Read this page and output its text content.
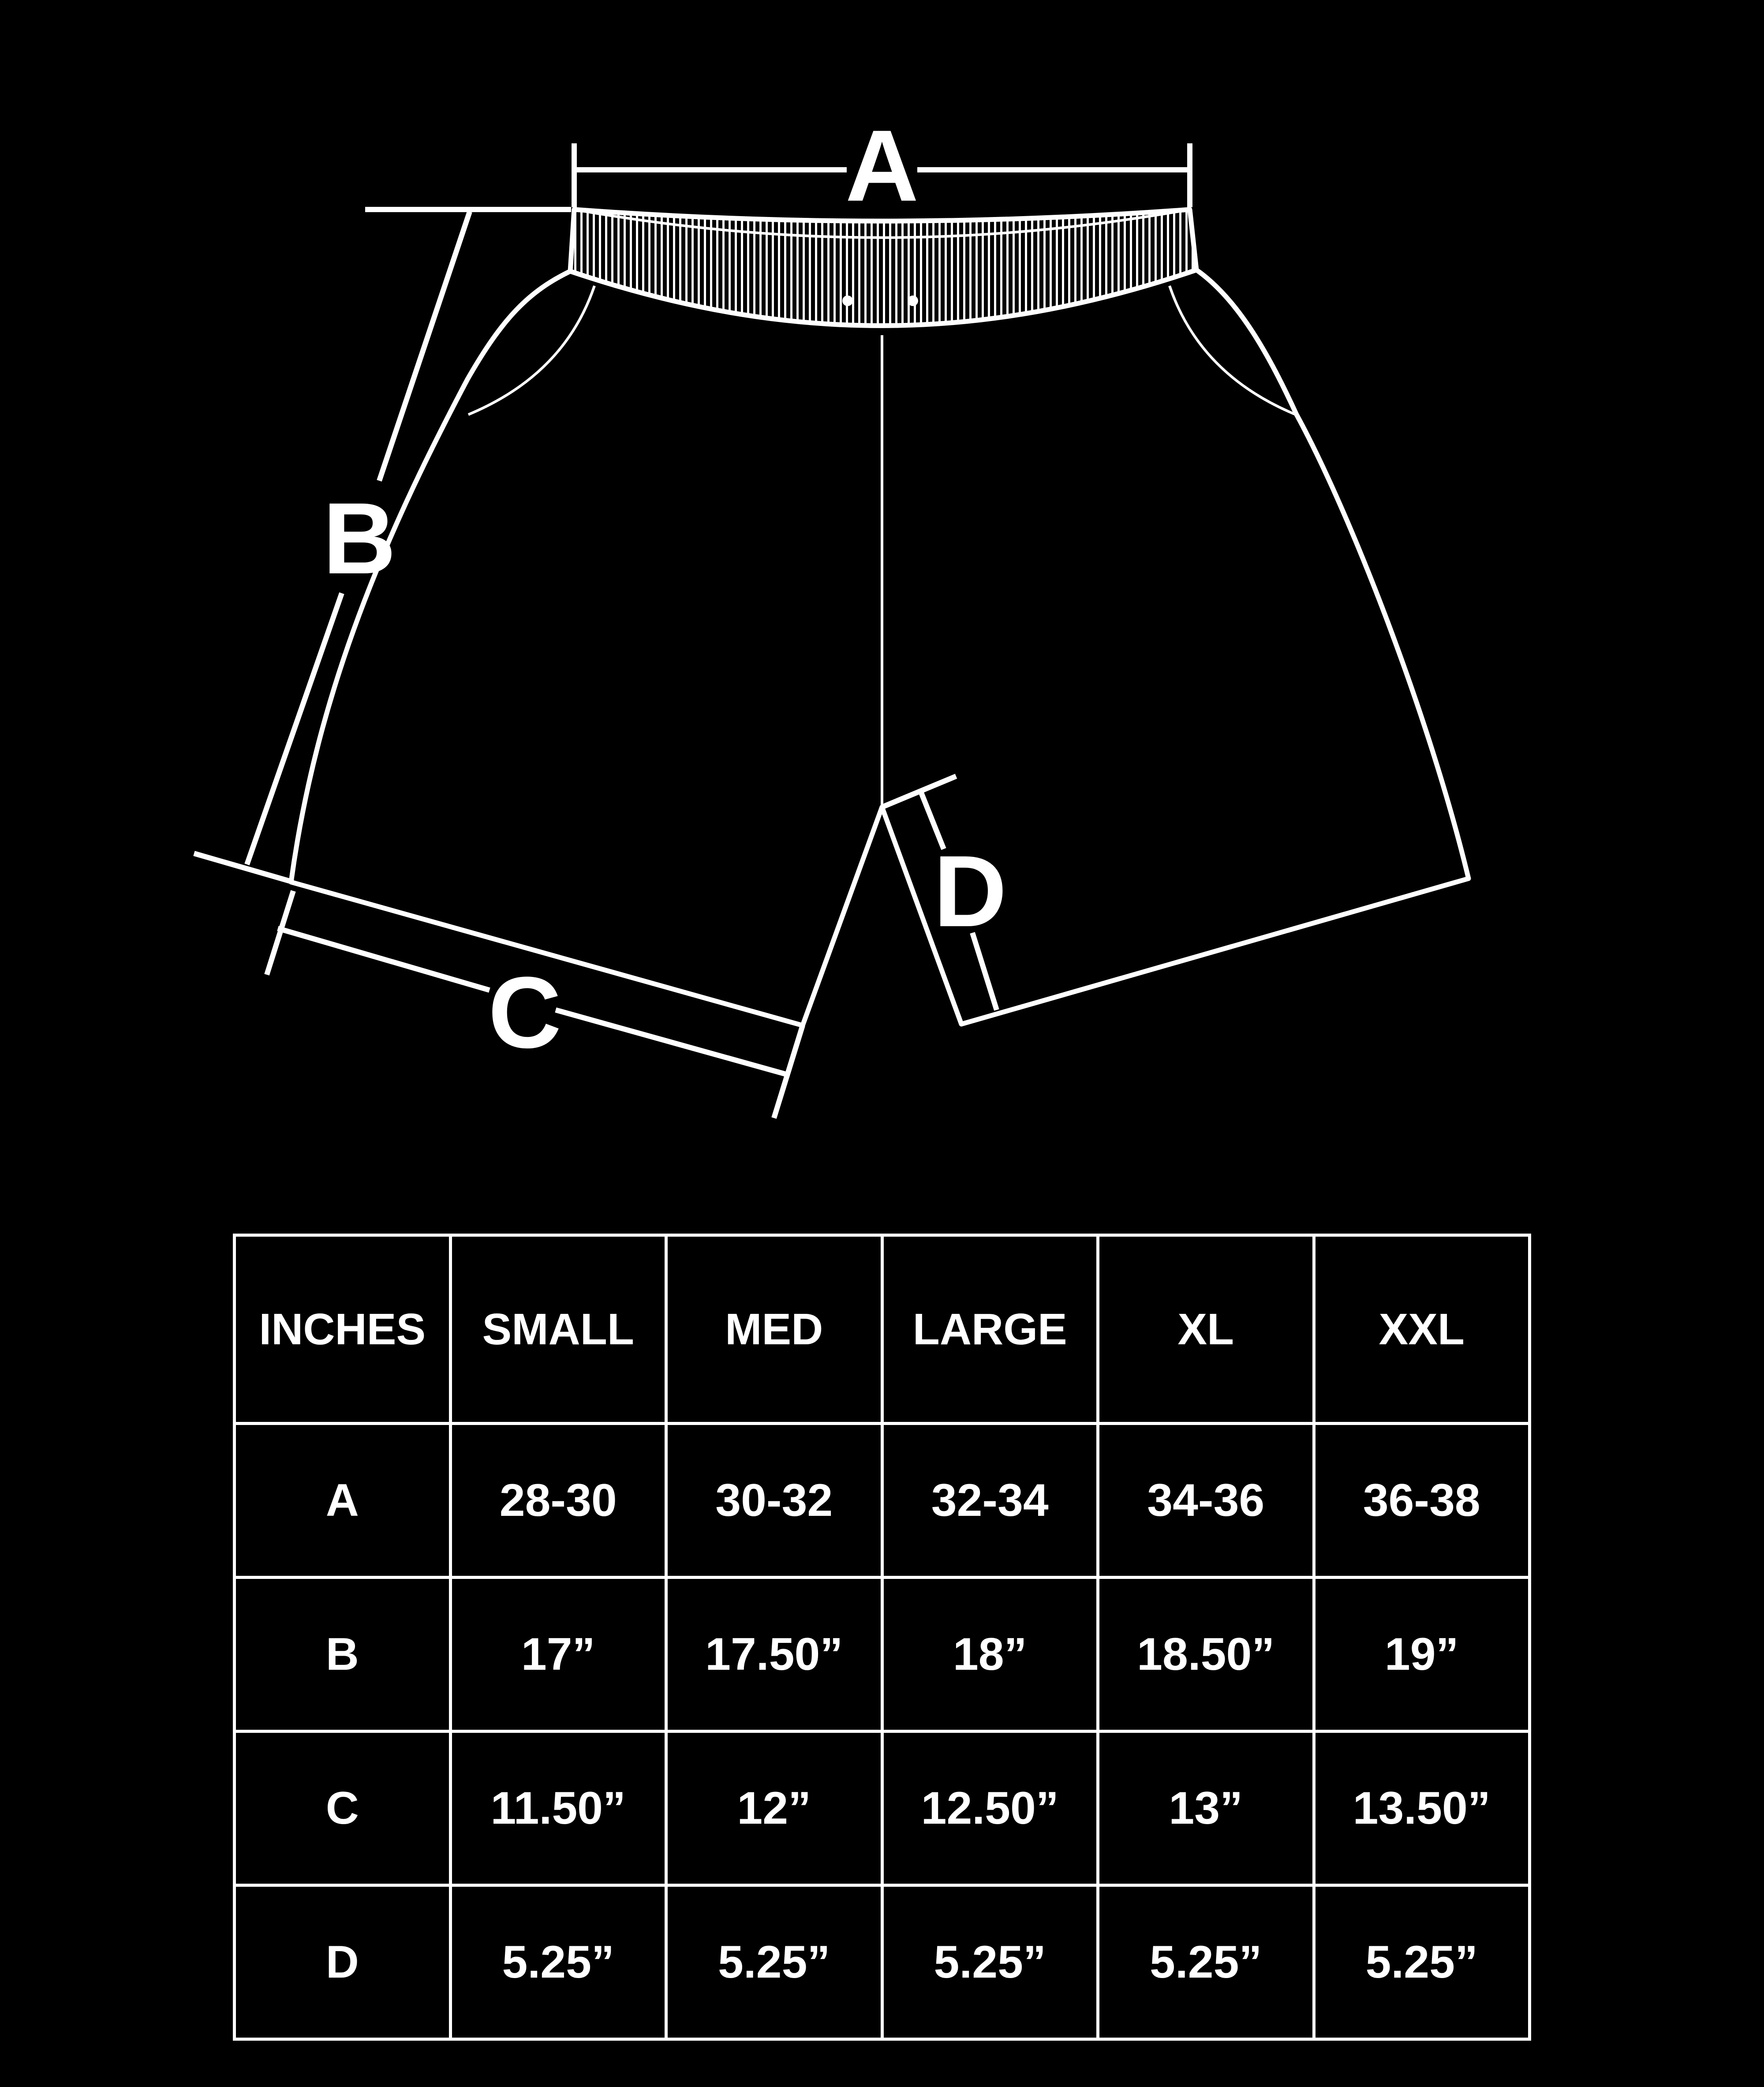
A
B
C
D
INCHES	SMALL	MED	LARGE	XL	XXL
A	28-30	30-32	32-34	34-36	36-38
B	17”	17.50”	18”	18.50”	19”
C	11.50”	12”	12.50”	13”	13.50”
D	5.25”	5.25”	5.25”	5.25”	5.25”
